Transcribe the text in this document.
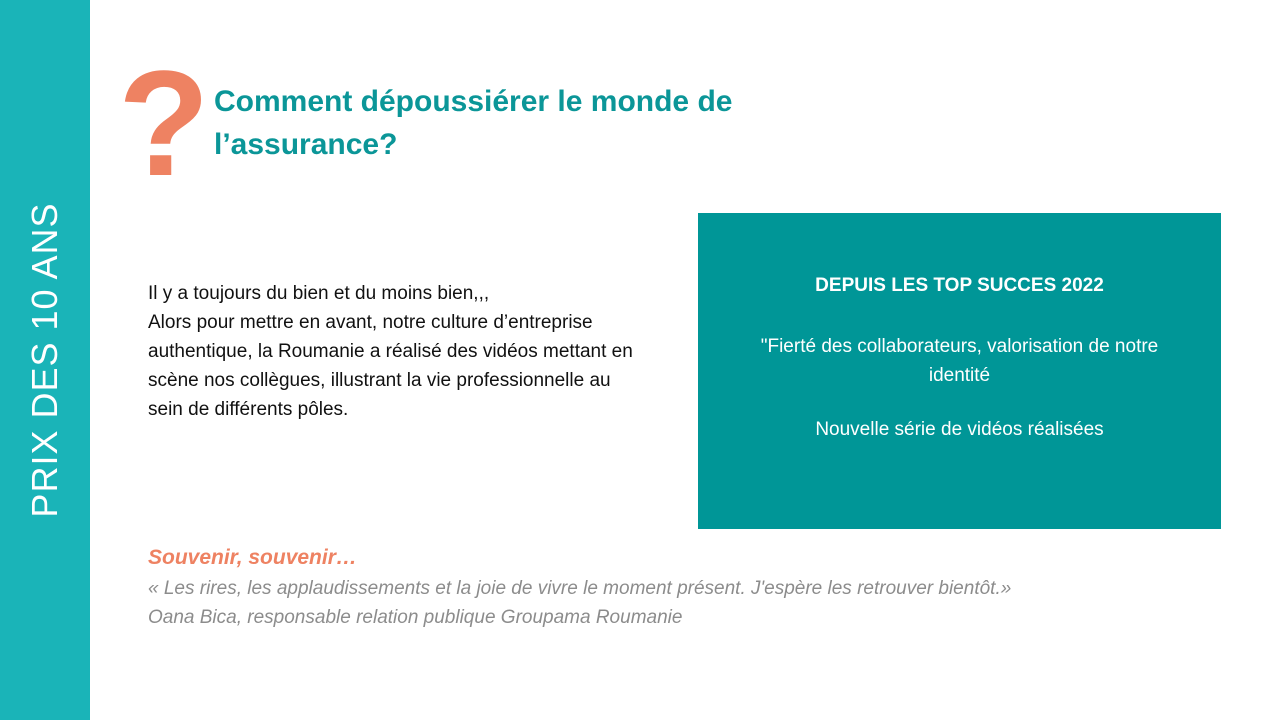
PRIX DES 10 ANS
? Comment dépoussiérer le monde de l’assurance?
Il y a toujours du bien et du moins bien,,,
Alors pour mettre en avant, notre culture d’entreprise authentique, la Roumanie a réalisé des vidéos mettant en scène nos collègues, illustrant la vie professionnelle au sein de différents pôles.
DEPUIS LES TOP SUCCES 2022
"Fierté des collaborateurs, valorisation de notre identité
Nouvelle série de vidéos réalisées
Souvenir, souvenir…
« Les rires, les applaudissements et la joie de vivre le moment présent. J'espère les retrouver bientôt.»
Oana Bica, responsable relation publique Groupama Roumanie
